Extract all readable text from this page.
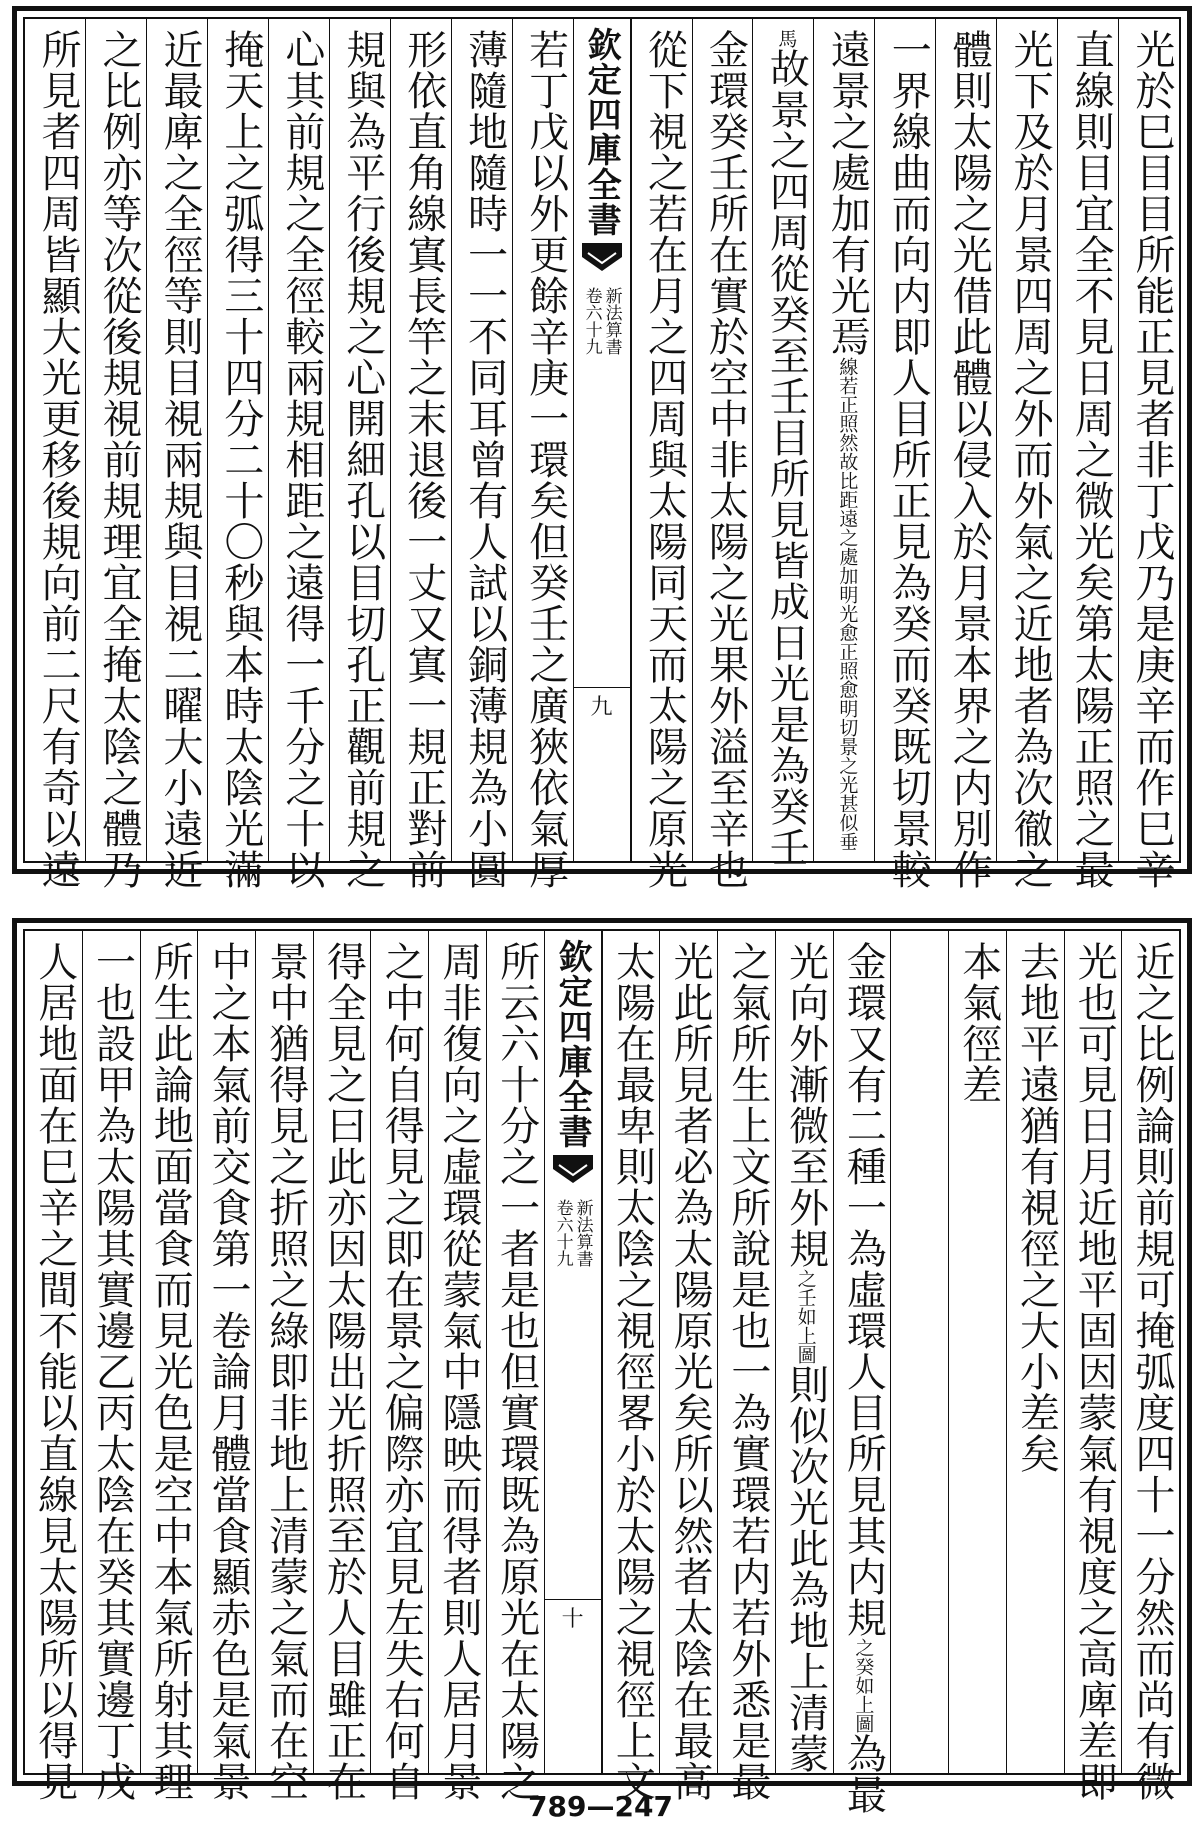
光於巳目目所能正見者非丁戊乃是庚辛而作巳辛
直線則目宜全不見日周之微光矣第太陽正照之最
光下及於月景四周之外而外氣之近地者為次徹之
體則太陽之光借此體以侵入於月景本界之内別作
一界線曲而向内即人目所正見為癸而癸既切景較
遠景之處加有光焉
光愈正照愈明切景之光甚似垂
線若正照然故比距遠之處加明
馬故景之四周從癸至壬目所見皆成日光是為癸壬
金環癸壬所在實於空中非太陽之光果外溢至辛也
從下視之若在月之四周與太陽同天而太陽之原光
欽定四庫全書
新法算書
卷六十九
九
若丁戊以外更餘辛庚一環矣但癸壬之廣狹依氣厚
薄隨地隨時一一不同耳曾有人試以銅薄規為小圓
形依直角線寘長竿之末退後一丈又寘一規正對前
規與為平行後規之心開細孔以目切孔正觀前規之
心其前規之全徑較兩規相距之遠得一千分之十以
掩天上之弧得三十四分二十〇秒與本時太陰光滿
近最庳之全徑等則目視兩規與目視二曜大小遠近
之比例亦等次從後規視前規理宜全掩太陰之體乃
所見者四周皆顯大光更移後規向前二尺有奇以遠
近之比例論則前規可掩弧度四十一分然而尚有微
光也可見日月近地平固因蒙氣有視度之高庳差即
去地平遠猶有視徑之大小差矣
本氣徑差
金環又有二種一為虛環人目所見其内規
如上圖
之癸
為最
光向外漸微至外規
如上圖
之壬
則似次光此為地上清蒙
之氣所生上文所說是也一為實環若内若外悉是最
光此所見者必為太陽原光矣所以然者太陰在最高
太陽在最卑則太陰之視徑畧小於太陽之視徑上文
欽定四庫全書
新法算書
卷六十九
十
所云六十分之一者是也但實環既為原光在太陽之
周非復向之虛環從蒙氣中隱映而得者則人居月景
之中何自得見之即在景之偏際亦宜見左失右何自
得全見之曰此亦因太陽出光折照至於人目雖正在
景中猶得見之折照之綠即非地上清蒙之氣而在空
中之本氣前交食第一卷論月體當食顯赤色是氣景
所生此論地面當食而見光色是空中本氣所射其理
一也設甲為太陽其實邊乙丙太陰在癸其實邊丁戊
人居地面在巳辛之間不能以直線見太陽所以得見
789—247
